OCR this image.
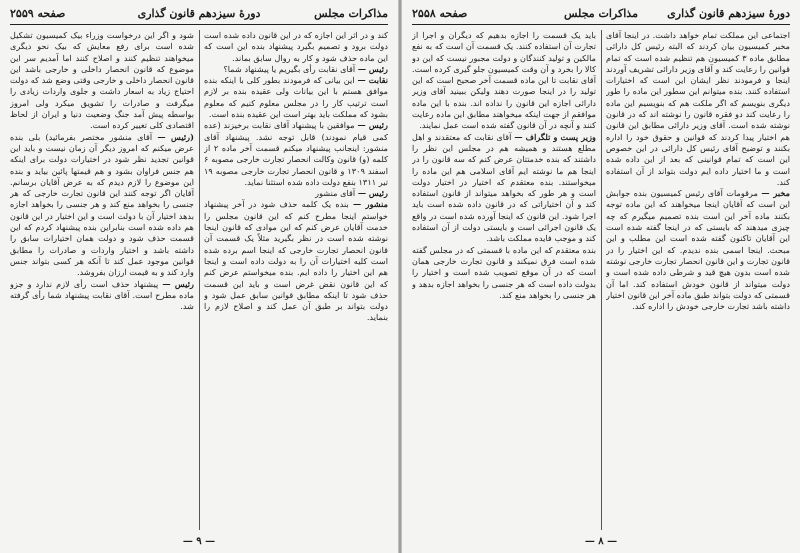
مذاکرات مجلس
دورهٔ سیزدهم قانون گذاری
صفحه ۲۵۵۹

کند و در اثر این اجازه که در این قانون داده شده است دولت برود و تصمیم بگیرد پیشنهاد بنده این است که این ماده حذف شود و کار به روال سابق بماند.

رئیس — آقای نقابت رأی بگیریم یا پیشنهاد شما؟

نقابت — این بیانی که فرمودند بطور کلی با اینکه بنده موافق هستم با این بیانات ولی عقیده بنده بر لازم است ترتیب کار را در مجلس معلوم کنیم که معلوم بشود که مملکت باید بهتر است این عقیده بنده است.

رئیس — موافقین با پیشنهاد آقای نقابت برخیزند (عده کمی قیام نمودند) قابل توجه نشد. پیشنهاد آقای منشور: اینجانب پیشنهاد میکنم قسمت آخر ماده ۲ از کلمه (و) قانون وکالت انحصار تجارت خارجی مصوبه ۶ اسفند ۱۳۰۹ و قانون انحصار تجارت خارجی مصوبه ۱۹ تیر ۱۳۱۱ بنفع دولت داده شده استثنا نماید.

رئیس — آقای منشور

منشور — بنده یک کلمه حذف شود در آخر پیشنهاد خواستم اینجا مطرح کنم که این قانون مجلس را خدمت آقایان عرض کنم که این موادی که قانون اینجا نوشته شده است در نظر بگیرید مثلاً یک قسمت آن قانون انحصار تجارت خارجی که اینجا اسم برده شده است کلیه اختیارات آن را به دولت داده است و اینجا هم این اختیار را داده ایم. بنده میخواستم عرض کنم که این قانون نقض غرض است و باید این قسمت حذف شود تا اینکه مطابق قوانین سابق عمل شود و دولت بتواند بر طبق آن عمل کند و اصلاح لازم را بنماید.

شود و اگر این درخواست وزراء بیک کمیسیون تشکیل شده است برای رفع معایش که بیک نحو دیگری میخواهند تنظیم کنند و اصلاح کنند اما آمدیم سر این موضوع که قانون انحصار داخلی و خارجی باشد این قانون انحصار داخلی و خارجی وقتی وضع شد که دولت احتیاج زیاد به اسعار داشت و جلوی واردات زیادی را میگرفت و صادرات را تشویق میکرد ولی امروز بواسطه پیش آمد جنگ وضعیت دنیا و ایران از لحاظ اقتصادی کلی تغییر کرده است.

(رئیس — آقای منشور مختصر بفرمائید) بلی بنده عرض میکنم که امروز دیگر آن زمان نیست و باید این قوانین تجدید نظر شود در اختیارات دولت برای اینکه هم جنس فراوان بشود و هم قیمتها پائین بیاید و بنده این موضوع را لازم دیدم که به عرض آقایان برسانم. آقایان اگر توجه کنند این قانون تجارت خارجی که هر جنسی را بخواهد منع کند و هر جنسی را بخواهد اجازه بدهد اختیار آن با دولت است و این اختیار در این قانون هم داده شده است بنابراین بنده پیشنهاد کردم که این قسمت حذف شود و دولت همان اختیارات سابق را داشته باشد و اختیار واردات و صادرات را مطابق قوانین موجود عمل کند تا آنکه هر کسی بتواند جنس وارد کند و به قیمت ارزان بفروشد.

رئیس — پیشنهاد حذف است رأی لازم ندارد و جزو ماده مطرح است. آقای نقابت پیشنهاد شما رأی گرفته شد.

— ۹ —
دورهٔ سیزدهم قانون گذاری
مذاکرات مجلس
صفحه ۲۵۵۸

اجتماعی این مملکت تمام خواهد داشت. در اینجا آقای مخبر کمیسیون بیان کردند که البته رئیس کل دارائی مطابق ماده ۳ کمیسیون هم تنظیم شده است که تمام قوانین را رعایت کند و آقای وزیر دارائی تشریف آوردند اینجا و فرمودند نظر ایشان این است که اختیارات استفاده کنند. بنده میتوانم این سطور این ماده را طور دیگری بنویسم که اگر ملکت هم که بنویسیم این ماده را رعایت کند دو فقره قانون را نوشته اند که در قانون نوشته شده است. آقای وزیر دارائی مطابق این قانون هم اختیار پیدا کردند که قوانین و حقوق خود را اداره بکنند و توضیح آقای رئیس کل دارائی در این خصوص این است که تمام قوانینی که بعد از این داده شده است و ما اختیار داده ایم دولت بتواند از آن استفاده کند.

مخبر — مرقومات آقای رئیس کمیسیون بنده جوابش این است که آقایان اینجا میخواهند که این ماده توجه بکنند ماده آخر این است بنده تصمیم میگیرم که چه چیزی میدهند که بایستی که در اینجا گفته شده است این آقایان تاکنون گفته شده است این مطلب و این مبحث. اینجا اسمی بنده ندیدم. که این اختیار را در قانون تجارت و این قانون انحصار تجارت خارجی نوشته شده است بدون هیچ قید و شرطی داده شده است و دولت میتواند از قانون خودش استفاده کند. اما آن قسمتی که دولت بتواند طبق ماده آخر این قانون اختیار داشته باشد تجارت خارجی خودش را اداره کند.

باید یک قسمت را اجازه بدهیم که دیگران و اجرا از تجارت آن استفاده کنند. یک قسمت آن است که به نفع مالکین و تولید کنندگان و دولت مجبور نیست که این دو کالا را بخرد و آن وقت کمیسیون جلو گیری کرده است. آقای نقابت تا این ماده قسمت آخر صحیح است که این تولید را در اینجا صورت دهند ولیکن ببینید آقای وزیر دارائی اجازه این قانون را نداده اند. بنده با این ماده موافقم از جهت اینکه میخواهند مطابق این ماده رعایت کنند و آنچه در آن قانون گفته شده است عمل نمایند.

وزیر پست و تلگراف — آقای نقابت که معتقدند و اهل مطلع هستند و همیشه هم در مجلس این نظر را داشتند که بنده خدمتتان عرض کنم که سه قانون را در اینجا هم ما نوشته ایم آقای اسلامی هم این ماده را میخواستند. بنده معتقدم که اختیار در اختیار دولت است و هر طور که بخواهد میتواند از قانون استفاده کند و آن اختیاراتی که در قانون داده شده است باید اجرا شود. این قانون که اینجا آورده شده است در واقع یک قانون اجرائی است و بایستی دولت از آن استفاده کند و موجب فایده مملکت باشد.

بنده معتقدم که این ماده با قسمتی که در مجلس گفته شده است فرق نمیکند و قانون تجارت خارجی همان است که در آن موقع تصویب شده است و اختیار را بدولت داده است که هر جنسی را بخواهد اجازه بدهد و هر جنسی را بخواهد منع کند.

— ۸ —
